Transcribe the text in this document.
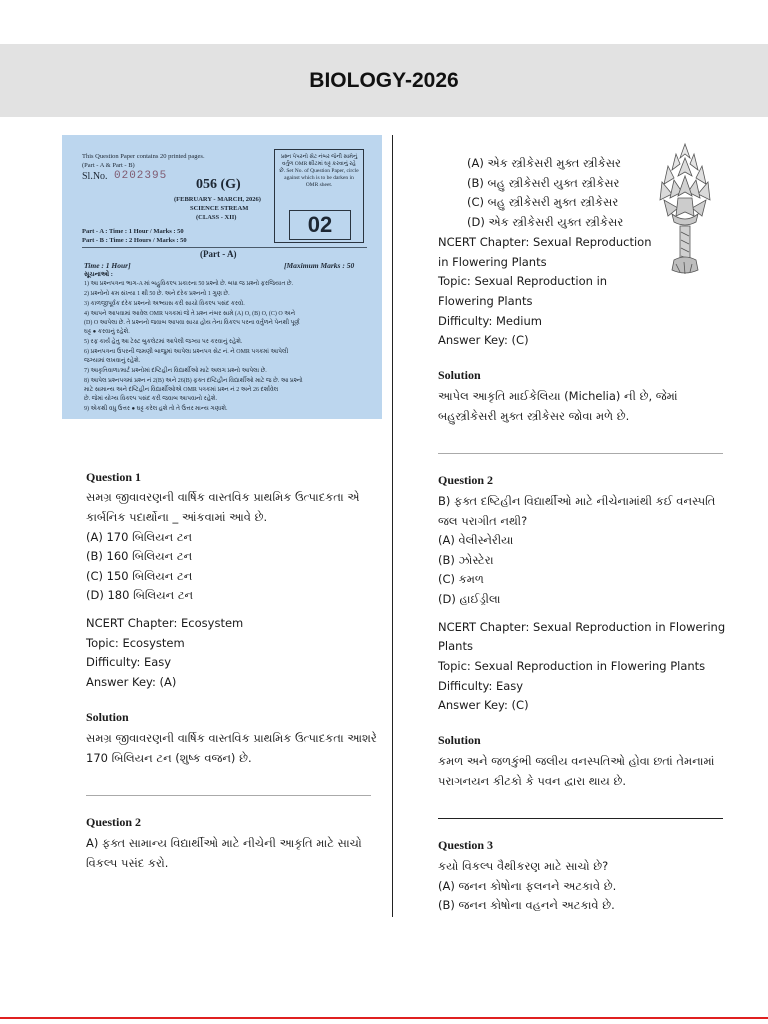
BIOLOGY-2026
This Question Paper contains 20 printed pages.
(Part - A & Part - B)
Sl.No. 0202395
056 (G)
(FEBRUARY - MARCH, 2026)
SCIENCE STREAM
(CLASS - XII)
Part - A : Time : 1 Hour / Marks : 50
Part - B : Time : 2 Hours / Marks : 50
પ્રશ્ન પેપરનો સેટ નંબર જેની સામેનું વર્તુળ OMR શીટમાં ઘટ્ટ કરવાનું રહે છે. Set No. of Question Paper, circle against which is to be darken in OMR sheet.
02
(Part - A)
Time : 1 Hour]	[Maximum Marks : 50
સૂચનાઓ :
1) આ પ્રશ્નપત્રના ભાગ-A માં બહુવિકલ્પ પ્રકારના 50 પ્રશ્નો છે. બધા જ પ્રશ્નો ફરજિયાત છે.
2) પ્રશ્નોનો ક્રમ સંખ્યા 1 થી 50 છે. અને દરેક પ્રશ્નનો 1 ગુણ છે.
3) કાળજીપૂર્વક દરેક પ્રશ્નનો અભ્યાસ કરી સાચો વિકલ્પ પસંદ કરવો.
4) આપને આપવામાં આવેલ OMR પત્રકમાં જે તે પ્રશ્ન નંબર સામે (A) O, (B) O, (C) O અને
(D) O આપેલા છે. તે પ્રશ્નનો જવાબ આપવા સાચા હોય તેના વિકલ્પ પરના વર્તુળને પેનથી પૂર્ણ
ઘટ્ટ ● કરવાનું રહેશે.
5) રફ કાર્ય હેતુ આ ટેસ્ટ બુકલેટમાં આપેલી જગ્યા પર કરવાનું રહેશે.
6) પ્રશ્નપત્રના ઉપરની જમણી બાજુમાં આપેલા પ્રશ્નપત્ર સેટ નં. ને OMR પત્રકમાં આપેલી
જગ્યામાં લખવાનું રહેશે.
7) આકૃતિવાળા/માર્ટ પ્રશ્નોમાં દષ્ટિહીન વિદ્યાર્થીઓ માટે અલગ પ્રશ્નો આપેલા છે.
8) આપેલ પ્રશ્નપત્રમાં પ્રશ્ન નં 2(B) અને 26(B) ફક્ત દષ્ટિહીન વિદ્યાર્થીઓ માટે જ છે. આ પ્રશ્નો
માટે સામાન્ય અને દષ્ટિહીન વિદ્યાર્થીઓએ OMR પત્રકમાં પ્રશ્ન નં 2 અને 26 દર્શાવેલ
છે. જેમાં યોગ્ય વિકલ્પ પસંદ કરી જવાબ આપવાનો રહેશે.
9) એકથી વધુ ઉત્તર ● ઘટ્ટ કરેલ હશે તો તે ઉત્તર માન્ય ગણાશે.
Question 1
સમગ્ર જીવાવરણની વાર્ષિક વાસ્તવિક પ્રાથમિક ઉત્પાદકતા એ
કાર્બનિક પદાર્થોના _ આંકવામાં આવે છે.
(A) 170 બિલિયન ટન
(B) 160 બિલિયન ટન
(C) 150 બિલિયન ટન
(D) 180 બિલિયન ટન
NCERT Chapter: Ecosystem
Topic: Ecosystem
Difficulty: Easy
Answer Key: (A)
Solution
સમગ્ર જીવાવરણની વાર્ષિક વાસ્તવિક પ્રાથમિક ઉત્પાદકતા આશરે
170 બિલિયન ટન (શુષ્ક વજન) છે.
Question 2
A) ફક્ત સામાન્ય વિદ્યાર્થીઓ માટે નીચેની આકૃતિ માટે સાચો
વિકલ્પ પસંદ કરો.
(A) એક સ્ત્રીકેસરી મુક્ત સ્ત્રીકેસર
(B) બહુ સ્ત્રીકેસરી યુક્ત સ્ત્રીકેસર
(C) બહુ સ્ત્રીકેસરી મુક્ત સ્ત્રીકેસર
(D) એક સ્ત્રીકેસરી યુક્ત સ્ત્રીકેસર
NCERT Chapter: Sexual Reproduction
in Flowering Plants
Topic: Sexual Reproduction in
Flowering Plants
Difficulty: Medium
Answer Key: (C)
Solution
આપેલ આકૃતિ માઈકેલિયા (Michelia) ની છે, જેમાં
બહુસ્ત્રીકેસરી મુક્ત સ્ત્રીકેસર જોવા મળે છે.
Question 2
B) ફક્ત દષ્ટિહીન વિદ્યાર્થીઓ માટે નીચેનામાંથી કઈ વનસ્પતિ
જલ પરાગીત નથી?
(A) વેલીસ્નેરીયા
(B) ઝોસ્ટેરા
(C) કમળ
(D) હાઈડ્રીલા
NCERT Chapter: Sexual Reproduction in Flowering
Plants
Topic: Sexual Reproduction in Flowering Plants
Difficulty: Easy
Answer Key: (C)
Solution
કમળ અને જળકુંભી જલીય વનસ્પતિઓ હોવા છતાં તેમનામાં
પરાગનયન કીટકો કે પવન દ્વારા થાય છે.
Question 3
કયો વિકલ્પ વૈથીકરણ માટે સાચો છે?
(A) જનન કોષોના ફલનને અટકાવે છે.
(B) જનન કોષોના વહનને અટકાવે છે.
